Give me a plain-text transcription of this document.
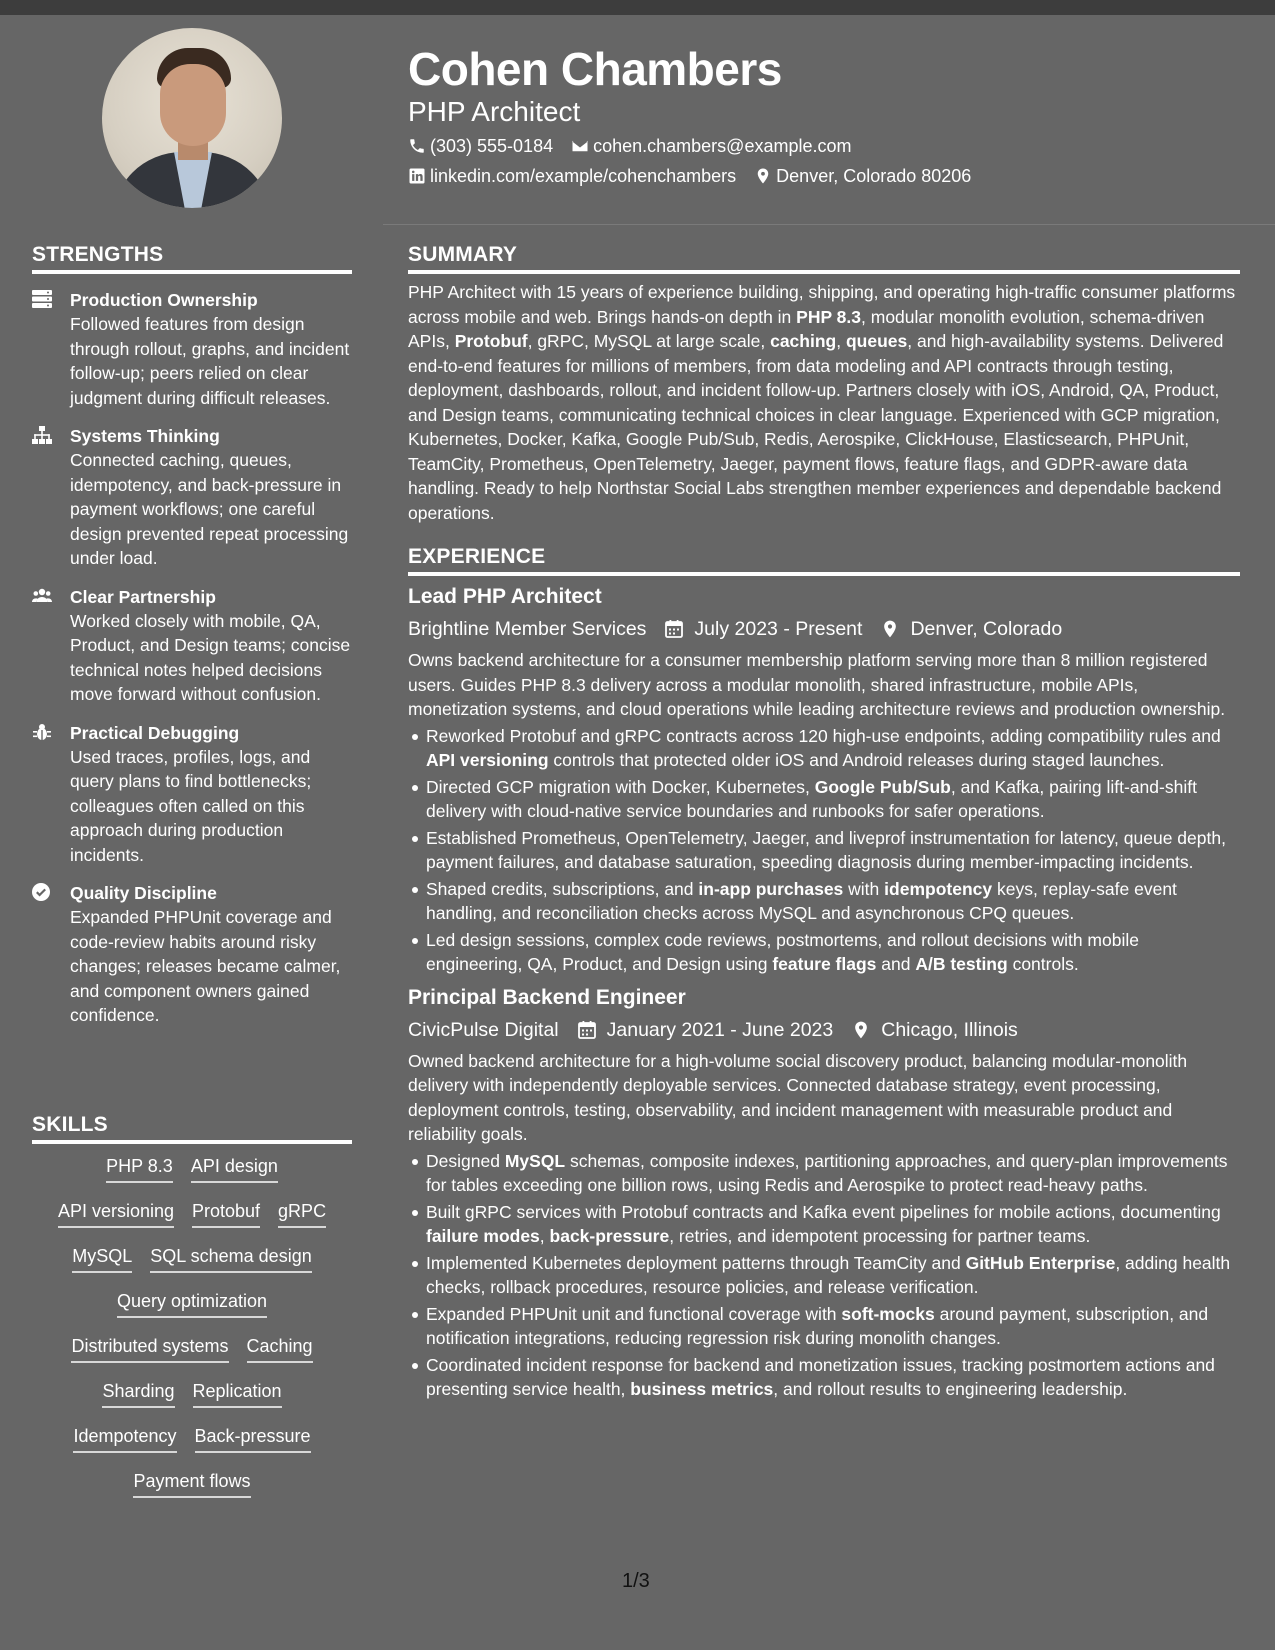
Cohen Chambers
PHP Architect
(303) 555-0184 cohen.chambers@example.com
linkedin.com/example/cohenchambers Denver, Colorado 80206
STRENGTHS
Production Ownership
Followed features from design through rollout, graphs, and incident follow-up; peers relied on clear judgment during difficult releases.
Systems Thinking
Connected caching, queues, idempotency, and back-pressure in payment workflows; one careful design prevented repeat processing under load.
Clear Partnership
Worked closely with mobile, QA, Product, and Design teams; concise technical notes helped decisions move forward without confusion.
Practical Debugging
Used traces, profiles, logs, and query plans to find bottlenecks; colleagues often called on this approach during production incidents.
Quality Discipline
Expanded PHPUnit coverage and code-review habits around risky changes; releases became calmer, and component owners gained confidence.
SKILLS
PHP 8.3 API design
API versioning Protobuf gRPC
MySQL SQL schema design
Query optimization
Distributed systems Caching
Sharding Replication
Idempotency Back-pressure
Payment flows
SUMMARY

PHP Architect with 15 years of experience building, shipping, and operating high-traffic consumer platforms across mobile and web. Brings hands-on depth in PHP 8.3, modular monolith evolution, schema-driven APIs, Protobuf, gRPC, MySQL at large scale, caching, queues, and high-availability systems. Delivered end-to-end features for millions of members, from data modeling and API contracts through testing, deployment, dashboards, rollout, and incident follow-up. Partners closely with iOS, Android, QA, Product, and Design teams, communicating technical choices in clear language. Experienced with GCP migration, Kubernetes, Docker, Kafka, Google Pub/Sub, Redis, Aerospike, ClickHouse, Elasticsearch, PHPUnit, TeamCity, Prometheus, OpenTelemetry, Jaeger, payment flows, feature flags, and GDPR-aware data handling. Ready to help Northstar Social Labs strengthen member experiences and dependable backend operations.

EXPERIENCE
Lead PHP Architect
Brightline Member Services July 2023 - Present Denver, Colorado

Owns backend architecture for a consumer membership platform serving more than 8 million registered users. Guides PHP 8.3 delivery across a modular monolith, shared infrastructure, mobile APIs, monetization systems, and cloud operations while leading architecture reviews and production ownership.

Reworked Protobuf and gRPC contracts across 120 high-use endpoints, adding compatibility rules and API versioning controls that protected older iOS and Android releases during staged launches.
Directed GCP migration with Docker, Kubernetes, Google Pub/Sub, and Kafka, pairing lift-and-shift delivery with cloud-native service boundaries and runbooks for safer operations.
Established Prometheus, OpenTelemetry, Jaeger, and liveprof instrumentation for latency, queue depth, payment failures, and database saturation, speeding diagnosis during member-impacting incidents.
Shaped credits, subscriptions, and in-app purchases with idempotency keys, replay-safe event handling, and reconciliation checks across MySQL and asynchronous CPQ queues.
Led design sessions, complex code reviews, postmortems, and rollout decisions with mobile engineering, QA, Product, and Design using feature flags and A/B testing controls.
Principal Backend Engineer
CivicPulse Digital January 2021 - June 2023 Chicago, Illinois

Owned backend architecture for a high-volume social discovery product, balancing modular-monolith delivery with independently deployable services. Connected database strategy, event processing, deployment controls, testing, observability, and incident management with measurable product and reliability goals.

Designed MySQL schemas, composite indexes, partitioning approaches, and query-plan improvements for tables exceeding one billion rows, using Redis and Aerospike to protect read-heavy paths.
Built gRPC services with Protobuf contracts and Kafka event pipelines for mobile actions, documenting failure modes, back-pressure, retries, and idempotent processing for partner teams.
Implemented Kubernetes deployment patterns through TeamCity and GitHub Enterprise, adding health checks, rollback procedures, resource policies, and release verification.
Expanded PHPUnit unit and functional coverage with soft-mocks around payment, subscription, and notification integrations, reducing regression risk during monolith changes.
Coordinated incident response for backend and monetization issues, tracking postmortem actions and presenting service health, business metrics, and rollout results to engineering leadership.
1/3
